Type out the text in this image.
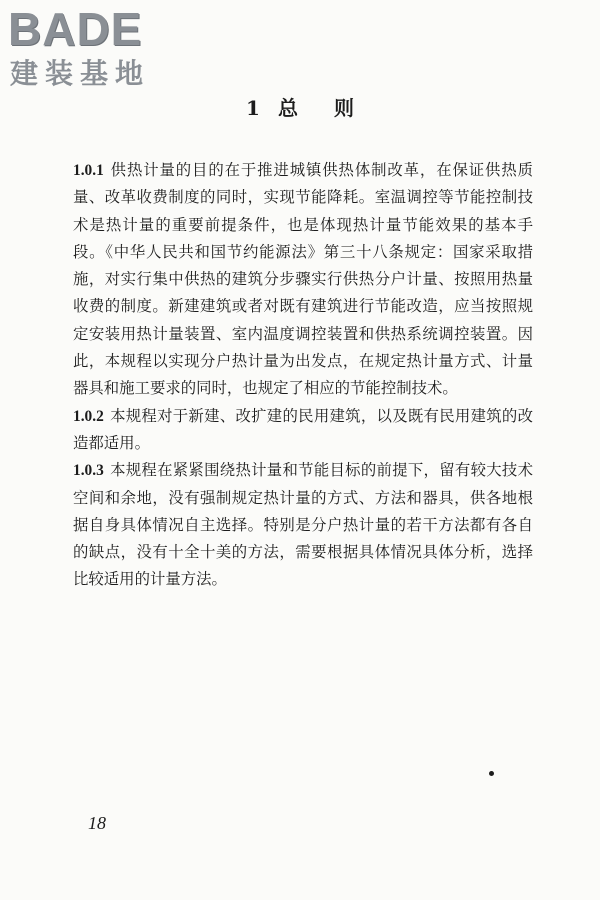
BADE
建装基地
1 总 则

1.0.1 供热计量的目的在于推进城镇供热体制改革，在保证供热质量、改革收费制度的同时，实现节能降耗。室温调控等节能控制技术是热计量的重要前提条件，也是体现热计量节能效果的基本手段。《中华人民共和国节约能源法》第三十八条规定：国家采取措施，对实行集中供热的建筑分步骤实行供热分户计量、按照用热量收费的制度。新建建筑或者对既有建筑进行节能改造，应当按照规定安装用热计量装置、室内温度调控装置和供热系统调控装置。因此，本规程以实现分户热计量为出发点，在规定热计量方式、计量器具和施工要求的同时，也规定了相应的节能控制技术。

1.0.2 本规程对于新建、改扩建的民用建筑，以及既有民用建筑的改造都适用。

1.0.3 本规程在紧紧围绕热计量和节能目标的前提下，留有较大技术空间和余地，没有强制规定热计量的方式、方法和器具，供各地根据自身具体情况自主选择。特别是分户热计量的若干方法都有各自的缺点，没有十全十美的方法，需要根据具体情况具体分析，选择比较适用的计量方法。

18
